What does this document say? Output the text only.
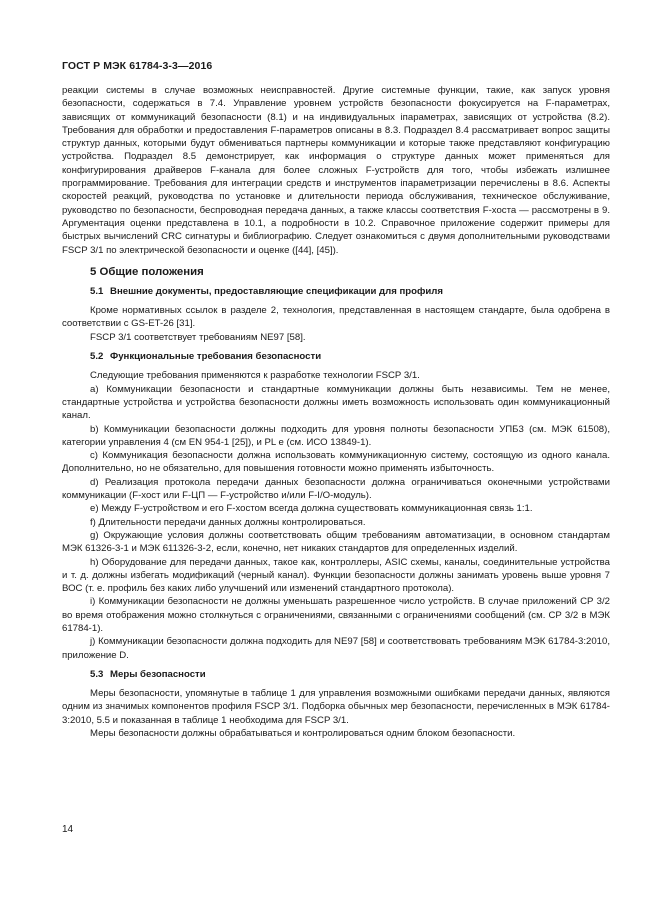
ГОСТ Р МЭК 61784-3-3—2016

реакции системы в случае возможных неисправностей. Другие системные функции, такие, как запуск уровня безопасности, содержаться в 7.4. Управление уровнем устройств безопасности фокусируется на F-параметрах, зависящих от коммуникаций безопасности (8.1) и на индивидуальных iпараметрах, зависящих от устройства (8.2). Требования для обработки и предоставления F-параметров описаны в 8.3. Подраздел 8.4 рассматривает вопрос защиты структур данных, которыми будут обмениваться партнеры коммуникации и которые также представляют конфигурацию устройства. Подраздел 8.5 демонстрирует, как информация о структуре данных может применяться для конфигурирования драйверов F-канала для более сложных F-устройств для того, чтобы избежать излишнее программирование. Требования для интеграции средств и инструментов iпараметризации перечислены в 8.6. Аспекты скоростей реакций, руководства по установке и длительности периода обслуживания, техническое обслуживание, руководство по безопасности, беспроводная передача данных, а также классы соответствия F-хоста — рассмотрены в 9. Аргументация оценки представлена в 10.1, а подробности в 10.2. Справочное приложение содержит примеры для быстрых вычислений CRC сигнатуры и библиографию. Следует ознакомиться с двумя дополнительными руководствами FSCP 3/1 по электрической безопасности и оценке ([44], [45]).

5 Общие положения
5.1 Внешние документы, предоставляющие спецификации для профиля

Кроме нормативных ссылок в разделе 2, технология, представленная в настоящем стандарте, была одобрена в соответствии с GS-ET-26 [31].

FSCP 3/1 соответствует требованиям NE97 [58].

5.2 Функциональные требования безопасности

Следующие требования применяются к разработке технологии FSCP 3/1.

a) Коммуникации безопасности и стандартные коммуникации должны быть независимы. Тем не менее, стандартные устройства и устройства безопасности должны иметь возможность использовать один коммуникационный канал.

b) Коммуникации безопасности должны подходить для уровня полноты безопасности УПБ3 (см. МЭК 61508), категории управления 4 (см EN 954-1 [25]), и PL e (см. ИСО 13849-1).

c) Коммуникация безопасности должна использовать коммуникационную систему, состоящую из одного канала. Дополнительно, но не обязательно, для повышения готовности можно применять избыточность.

d) Реализация протокола передачи данных безопасности должна ограничиваться оконечными устройствами коммуникации (F-хост или F-ЦП — F-устройство и/или F-I/O-модуль).

e) Между F-устройством и его F-хостом всегда должна существовать коммуникационная связь 1:1.

f) Длительности передачи данных должны контролироваться.

g) Окружающие условия должны соответствовать общим требованиям автоматизации, в основном стандартам МЭК 61326-3-1 и МЭК 611326-3-2, если, конечно, нет никаких стандартов для определенных изделий.

h) Оборудование для передачи данных, такое как, контроллеры, ASIC схемы, каналы, соединительные устройства и т. д. должны избегать модификаций (черный канал). Функции безопасности должны занимать уровень выше уровня 7 ВОС (т. е. профиль без каких либо улучшений или изменений стандартного протокола).

i) Коммуникации безопасности не должны уменьшать разрешенное число устройств. В случае приложений СР 3/2 во время отображения можно столкнуться с ограничениями, связанными с ограничениями сообщений (см. СР 3/2 в МЭК 61784-1).

j) Коммуникации безопасности должна подходить для NE97 [58] и соответствовать требованиям МЭК 61784-3:2010, приложение D.

5.3 Меры безопасности

Меры безопасности, упомянутые в таблице 1 для управления возможными ошибками передачи данных, являются одним из значимых компонентов профиля FSCP 3/1. Подборка обычных мер безопасности, перечисленных в МЭК 61784-3:2010, 5.5 и показанная в таблице 1 необходима для FSCP 3/1.

Меры безопасности должны обрабатываться и контролироваться одним блоком безопасности.

14
